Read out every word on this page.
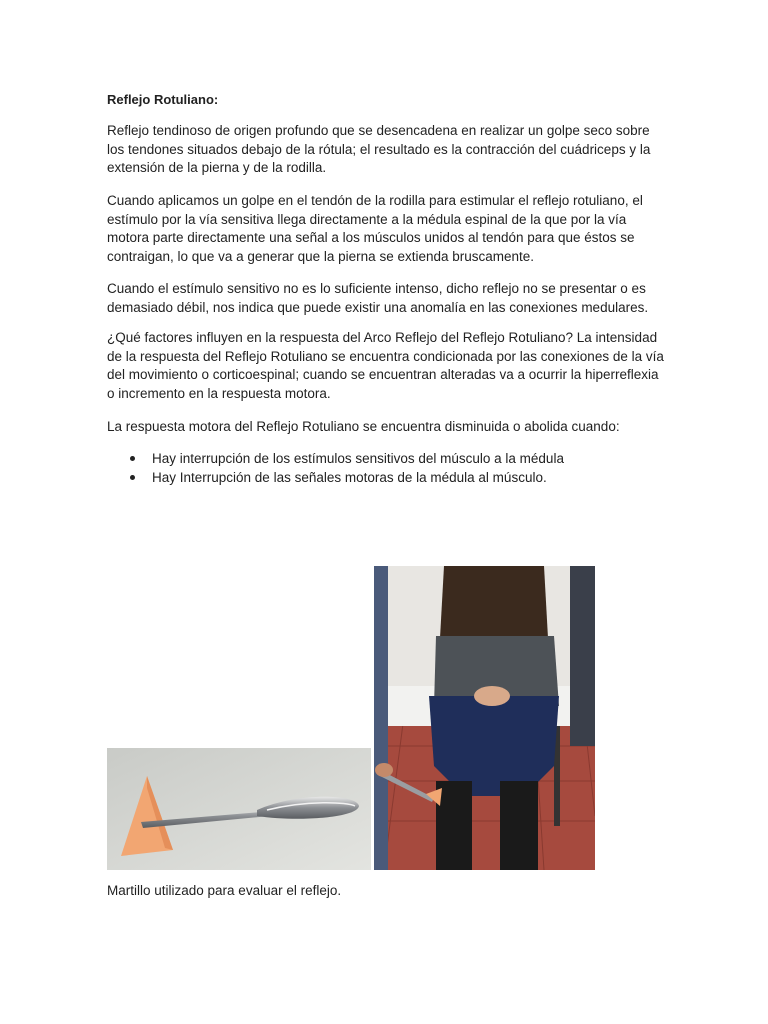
Reflejo Rotuliano:

Reflejo tendinoso de origen profundo que se desencadena en realizar un golpe seco sobre los tendones situados debajo de la rótula; el resultado es la contracción del cuádriceps y la extensión de la pierna y de la rodilla.

Cuando aplicamos un golpe en el tendón de la rodilla para estimular el reflejo rotuliano, el estímulo por la vía sensitiva llega directamente a la médula espinal de la que por la vía motora parte directamente una señal a los músculos unidos al tendón para que éstos se contraigan, lo que va a generar que la pierna se extienda bruscamente.

Cuando el estímulo sensitivo no es lo suficiente intenso, dicho reflejo no se presentar o es demasiado débil, nos indica que puede existir una anomalía en las conexiones medulares.

¿Qué factores influyen en la respuesta del Arco Reflejo del Reflejo Rotuliano? La intensidad de la respuesta del Reflejo Rotuliano se encuentra condicionada por las conexiones de la vía del movimiento o corticoespinal; cuando se encuentran alteradas va a ocurrir la hiperreflexia o incremento en la respuesta motora.

La respuesta motora del Reflejo Rotuliano se encuentra disminuida o abolida cuando:

Hay interrupción de los estímulos sensitivos del músculo a la médula
Hay Interrupción de las señales motoras de la médula al músculo.

Martillo utilizado para evaluar el reflejo.
